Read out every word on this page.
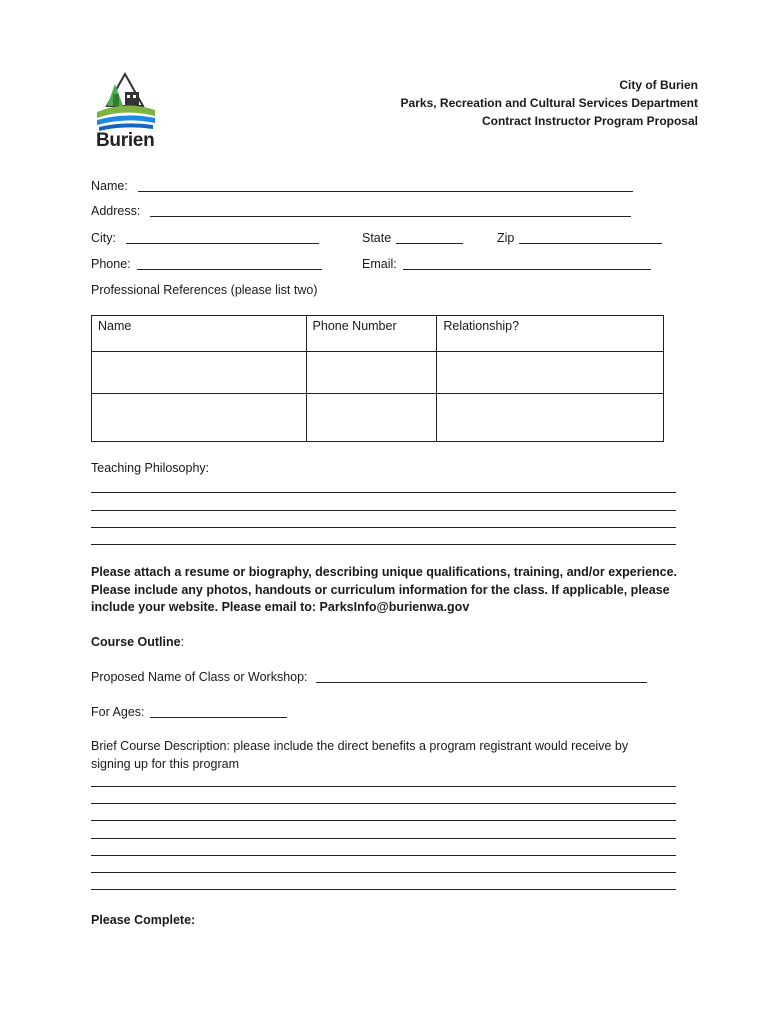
Burien
City of Burien
Parks, Recreation and Cultural Services Department
Contract Instructor Program Proposal
Name:
Address:
City:	State	Zip
Phone:	Email:
Professional References (please list two)
Name	Phone Number	Relationship?

Teaching Philosophy:
Please attach a resume or biography, describing unique qualifications, training, and/or experience.
Please include any photos, handouts or curriculum information for the class. If applicable, please
include your website. Please email to: ParksInfo@burienwa.gov
Course Outline:
Proposed Name of Class or Workshop:
For Ages:
Brief Course Description: please include the direct benefits a program registrant would receive by
signing up for this program
Please Complete:
